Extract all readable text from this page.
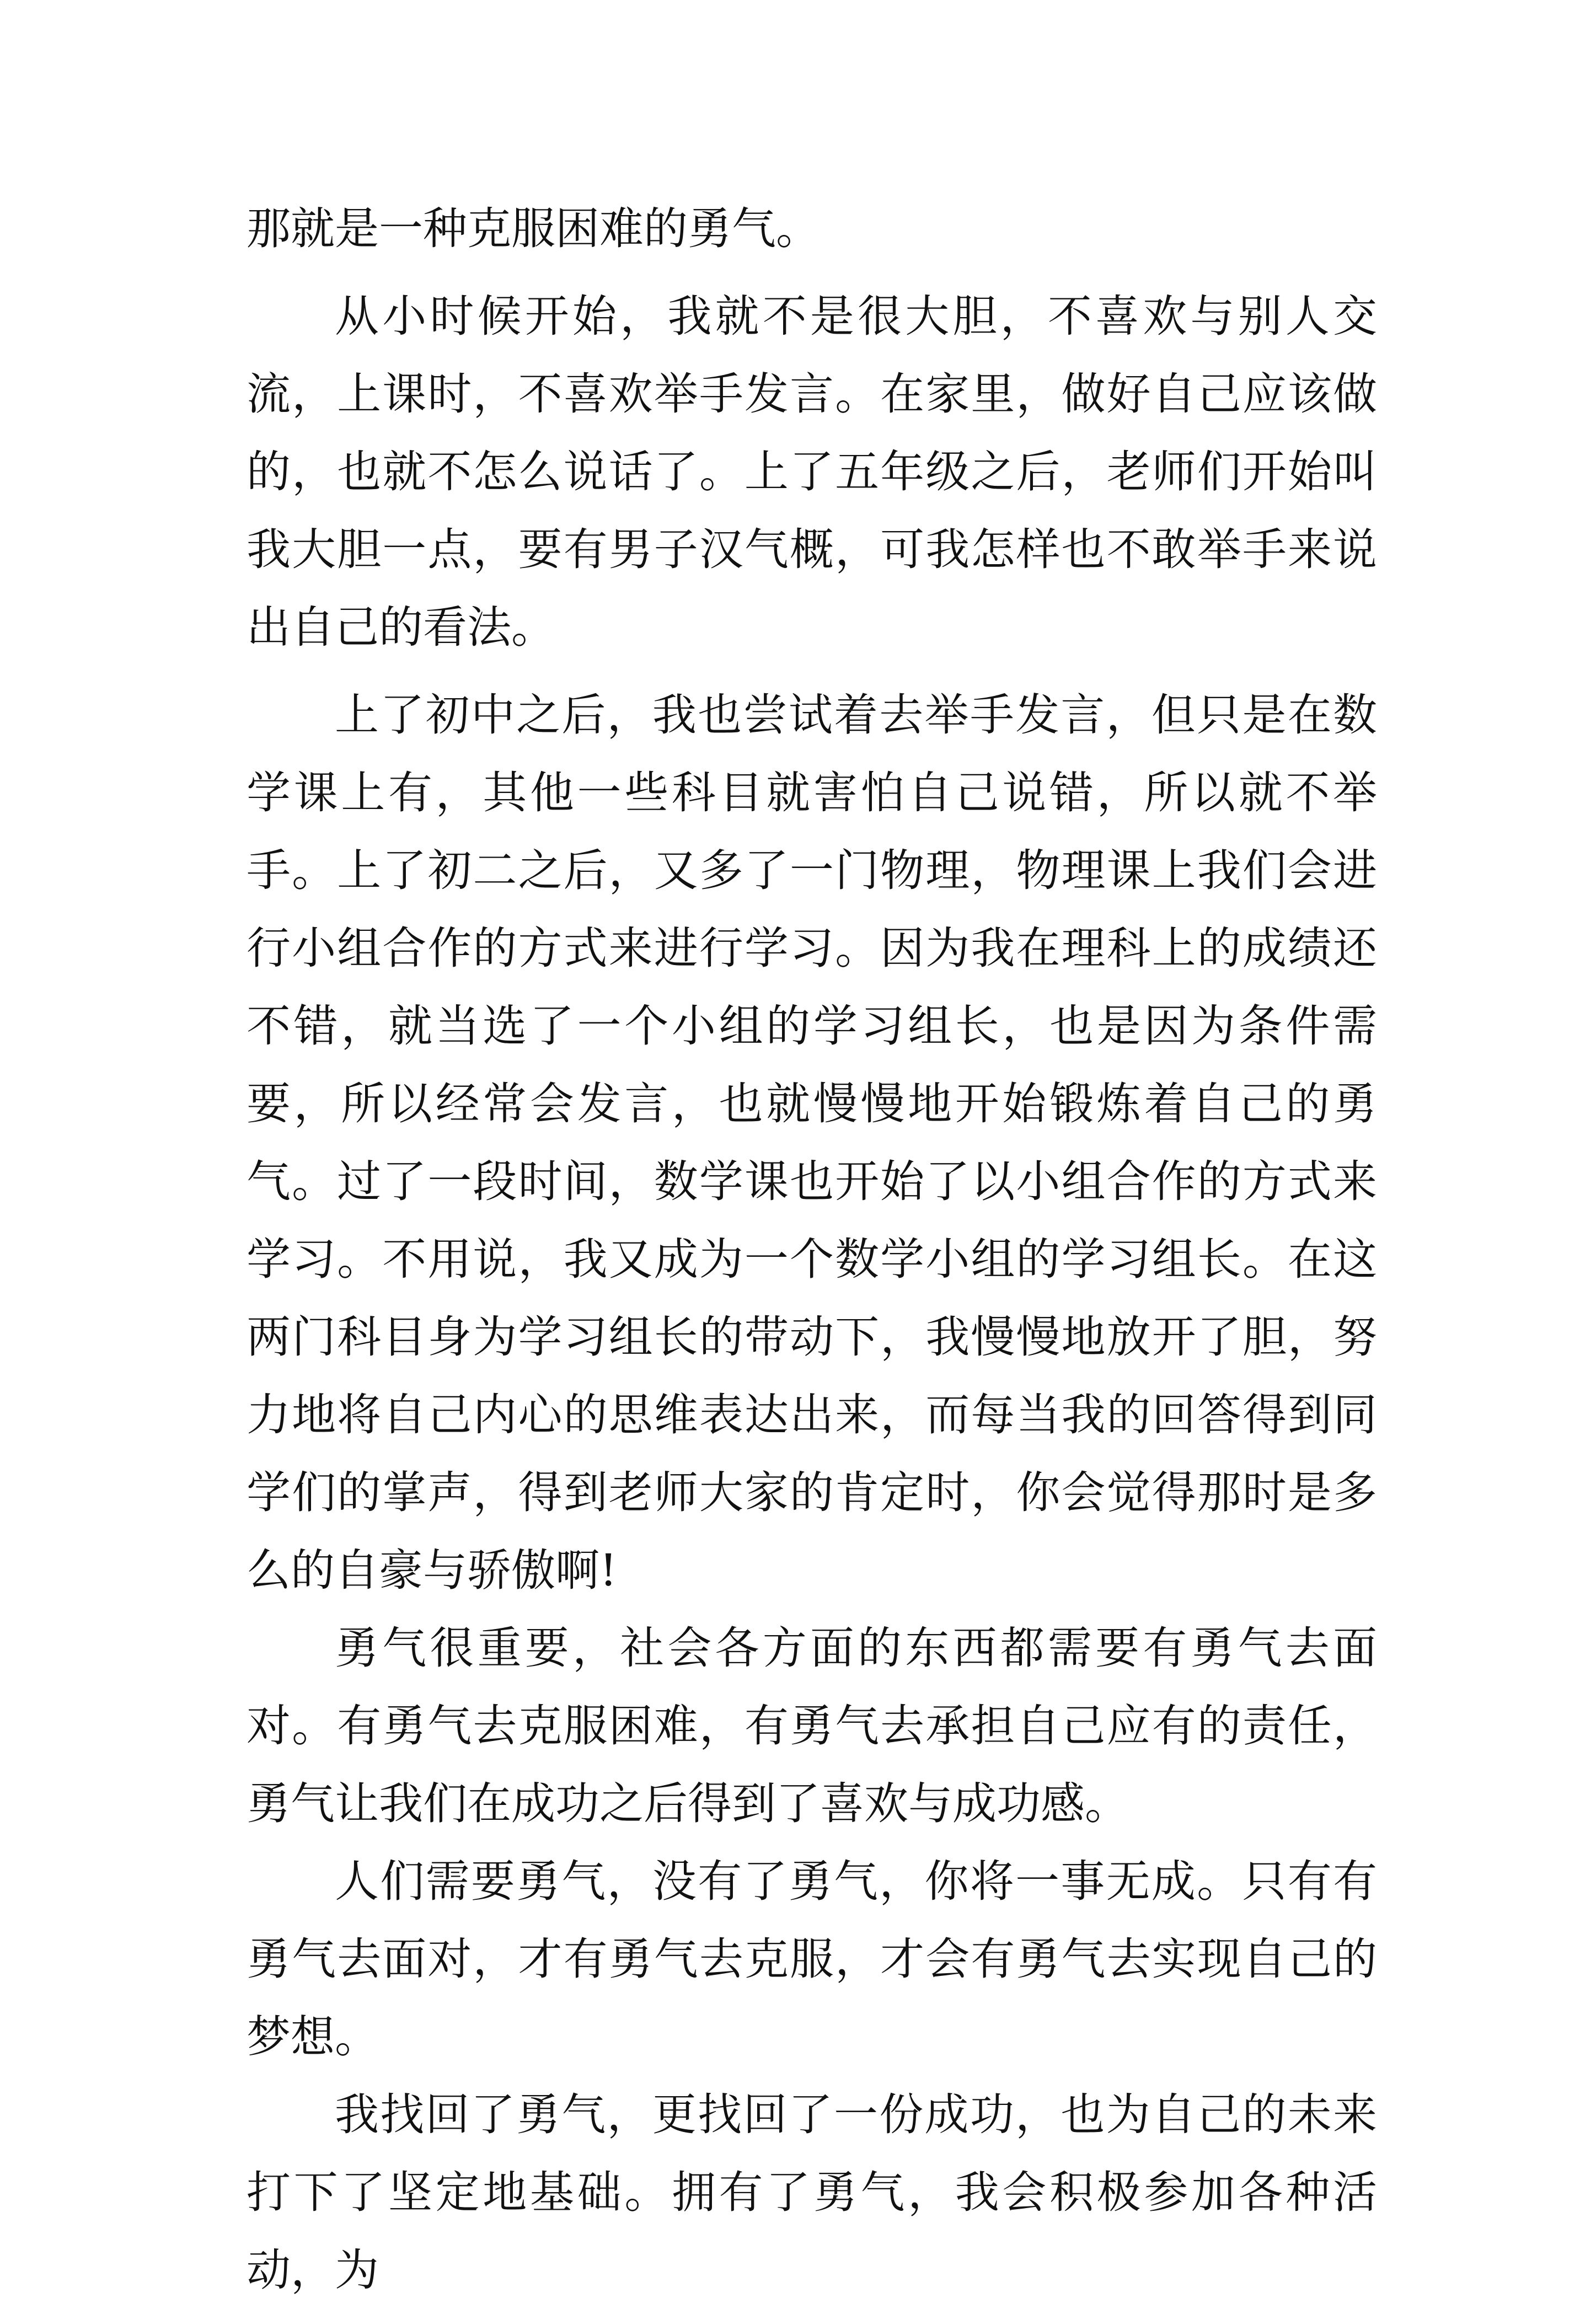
那就是一种克服困难的勇气。

从小时候开始，我就不是很大胆，不喜欢与别人交流，上课时，不喜欢举手发言。在家里，做好自己应该做的，也就不怎么说话了。上了五年级之后，老师们开始叫我大胆一点，要有男子汉气概，可我怎样也不敢举手来说出自己的看法。

上了初中之后，我也尝试着去举手发言，但只是在数学课上有，其他一些科目就害怕自己说错，所以就不举手。上了初二之后，又多了一门物理，物理课上我们会进行小组合作的方式来进行学习。因为我在理科上的成绩还不错，就当选了一个小组的学习组长，也是因为条件需要，所以经常会发言，也就慢慢地开始锻炼着自己的勇气。过了一段时间，数学课也开始了以小组合作的方式来学习。不用说，我又成为一个数学小组的学习组长。在这两门科目身为学习组长的带动下，我慢慢地放开了胆，努力地将自己内心的思维表达出来，而每当我的回答得到同学们的掌声，得到老师大家的肯定时，你会觉得那时是多么的自豪与骄傲啊!

勇气很重要，社会各方面的东西都需要有勇气去面对。有勇气去克服困难，有勇气去承担自己应有的责任，勇气让我们在成功之后得到了喜欢与成功感。

人们需要勇气，没有了勇气，你将一事无成。只有有勇气去面对，才有勇气去克服，才会有勇气去实现自己的梦想。

我找回了勇气，更找回了一份成功，也为自己的未来打下了坚定地基础。拥有了勇气，我会积极参加各种活动，为
